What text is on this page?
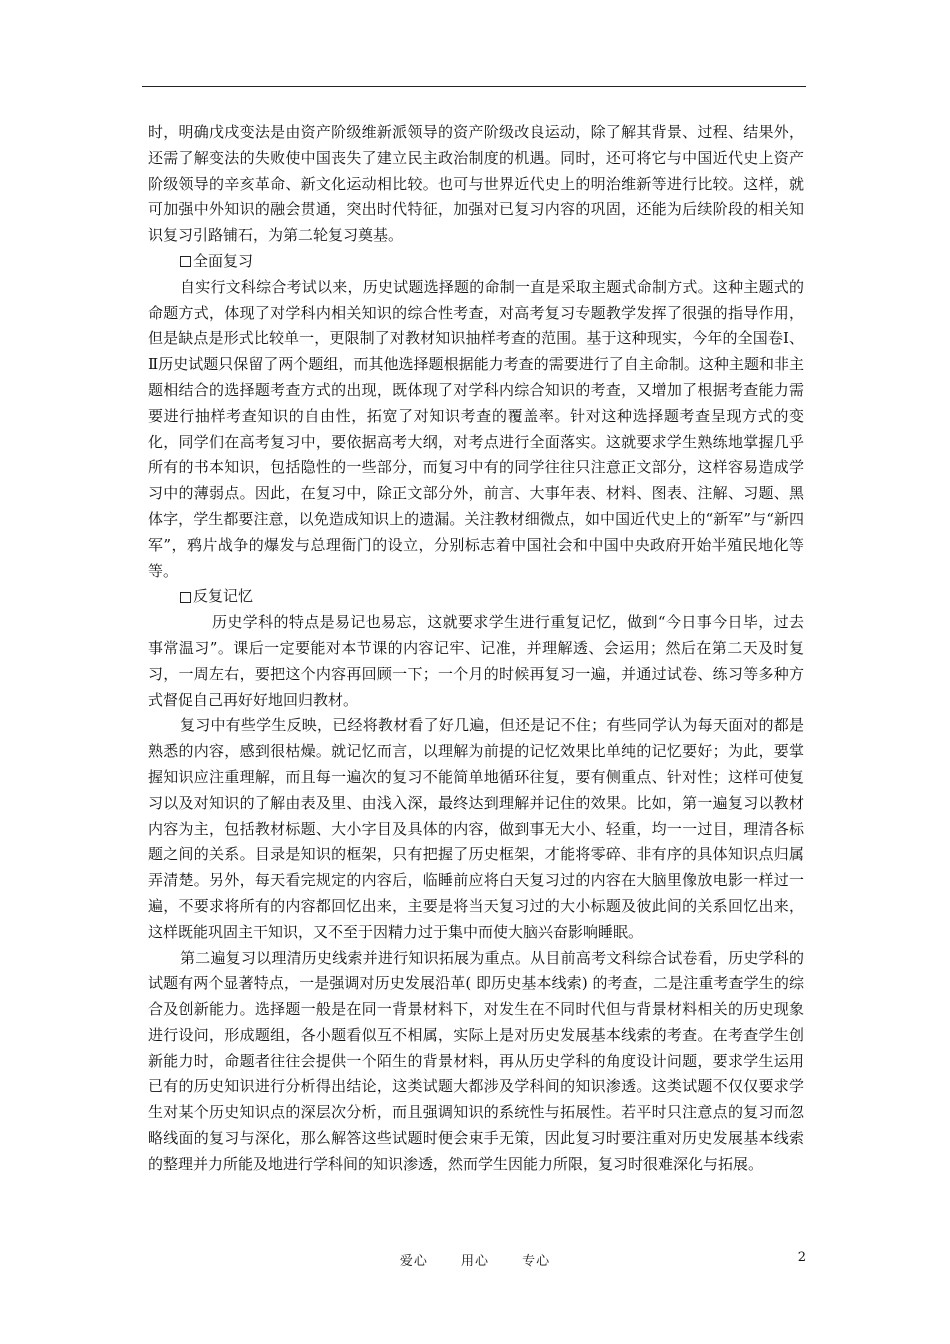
时，明确戊戌变法是由资产阶级维新派领导的资产阶级改良运动，除了解其背景、过程、结果外，还需了解变法的失败使中国丧失了建立民主政治制度的机遇。同时，还可将它与中国近代史上资产阶级领导的辛亥革命、新文化运动相比较。也可与世界近代史上的明治维新等进行比较。这样，就可加强中外知识的融会贯通，突出时代特征，加强对已复习内容的巩固，还能为后续阶段的相关知识复习引路铺石，为第二轮复习奠基。

全面复习

自实行文科综合考试以来，历史试题选择题的命制一直是采取主题式命制方式。这种主题式的命题方式，体现了对学科内相关知识的综合性考查，对高考复习专题教学发挥了很强的指导作用，但是缺点是形式比较单一，更限制了对教材知识抽样考查的范围。基于这种现实，今年的全国卷Ⅰ、Ⅱ历史试题只保留了两个题组，而其他选择题根据能力考查的需要进行了自主命制。这种主题和非主题相结合的选择题考查方式的出现，既体现了对学科内综合知识的考查，又增加了根据考查能力需要进行抽样考查知识的自由性，拓宽了对知识考查的覆盖率。针对这种选择题考查呈现方式的变化，同学们在高考复习中，要依据高考大纲，对考点进行全面落实。这就要求学生熟练地掌握几乎所有的书本知识，包括隐性的一些部分，而复习中有的同学往往只注意正文部分，这样容易造成学习中的薄弱点。因此，在复习中，除正文部分外，前言、大事年表、材料、图表、注解、习题、黑体字，学生都要注意，以免造成知识上的遗漏。关注教材细微点，如中国近代史上的“新军”与“新四军”，鸦片战争的爆发与总理衙门的设立，分别标志着中国社会和中国中央政府开始半殖民地化等等。

反复记忆

历史学科的特点是易记也易忘，这就要求学生进行重复记忆，做到“今日事今日毕，过去事常温习”。课后一定要能对本节课的内容记牢、记准，并理解透、会运用；然后在第二天及时复习，一周左右，要把这个内容再回顾一下；一个月的时候再复习一遍，并通过试卷、练习等多种方式督促自己再好好地回归教材。

复习中有些学生反映，已经将教材看了好几遍，但还是记不住；有些同学认为每天面对的都是熟悉的内容，感到很枯燥。就记忆而言，以理解为前提的记忆效果比单纯的记忆要好；为此，要掌握知识应注重理解，而且每一遍次的复习不能简单地循环往复，要有侧重点、针对性；这样可使复习以及对知识的了解由表及里、由浅入深，最终达到理解并记住的效果。比如，第一遍复习以教材内容为主，包括教材标题、大小字目及具体的内容，做到事无大小、轻重，均一一过目，理清各标题之间的关系。目录是知识的框架，只有把握了历史框架，才能将零碎、非有序的具体知识点归属弄清楚。另外，每天看完规定的内容后，临睡前应将白天复习过的内容在大脑里像放电影一样过一遍，不要求将所有的内容都回忆出来，主要是将当天复习过的大小标题及彼此间的关系回忆出来，这样既能巩固主干知识，又不至于因精力过于集中而使大脑兴奋影响睡眠。

第二遍复习以理清历史线索并进行知识拓展为重点。从目前高考文科综合试卷看，历史学科的试题有两个显著特点，一是强调对历史发展沿革( 即历史基本线索) 的考查，二是注重考查学生的综合及创新能力。选择题一般是在同一背景材料下，对发生在不同时代但与背景材料相关的历史现象进行设问，形成题组，各小题看似互不相属，实际上是对历史发展基本线索的考查。在考查学生创新能力时，命题者往往会提供一个陌生的背景材料，再从历史学科的角度设计问题，要求学生运用已有的历史知识进行分析得出结论，这类试题大都涉及学科间的知识渗透。这类试题不仅仅要求学生对某个历史知识点的深层次分析，而且强调知识的系统性与拓展性。若平时只注意点的复习而忽略线面的复习与深化，那么解答这些试题时便会束手无策，因此复习时要注重对历史发展基本线索的整理并力所能及地进行学科间的知识渗透，然而学生因能力所限，复习时很难深化与拓展。

爱心	用心	专心	2
